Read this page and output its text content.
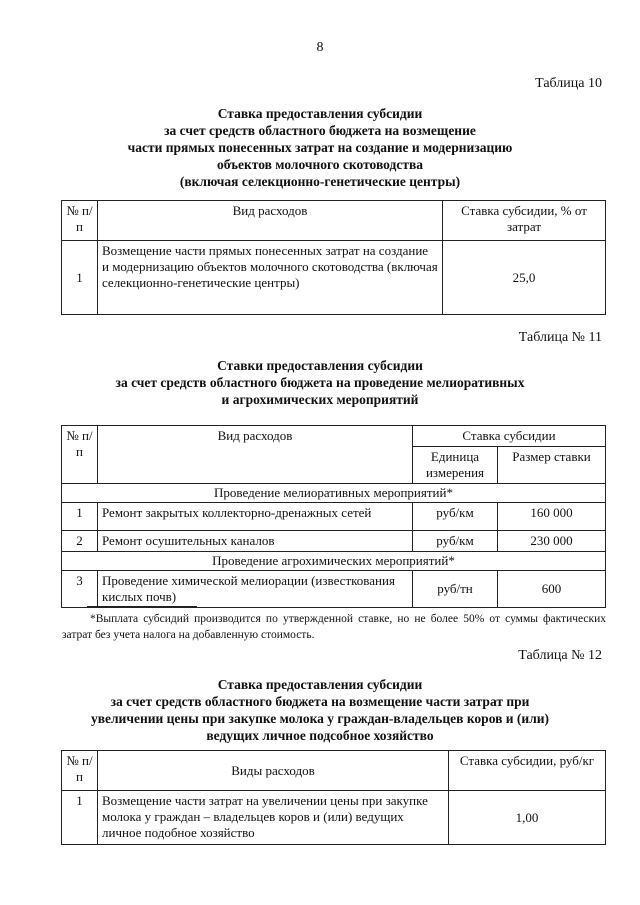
8
Таблица 10
Ставка предоставления субсидии
за счет средств областного бюджета на возмещение
части прямых понесенных затрат на создание и модернизацию
объектов молочного скотоводства
(включая селекционно-генетические центры)
№ п/п	Вид расходов	Ставка субсидии, % от затрат
1	Возмещение части прямых понесенных затрат на создание и модернизацию объектов молочного скотоводства (включая селекционно-генетические центры)	25,0
Таблица № 11
Ставки предоставления субсидии
за счет средств областного бюджета на проведение мелиоративных
и агрохимических мероприятий
№ п/п	Вид расходов	Ставка субсидии	
		Единица измерения	Размер ставки
Проведение мелиоративных мероприятий*			
1	Ремонт закрытых коллекторно-дренажных сетей	руб/км	160 000
2	Ремонт осушительных каналов	руб/км	230 000
Проведение агрохимических мероприятий*			
3	Проведение химической мелиорации (известкования кислых почв)	руб/тн	600
*Выплата субсидий производится по утвержденной ставке, но не более 50% от суммы фактических затрат без учета налога на добавленную стоимость.
Таблица № 12
Ставка предоставления субсидии
за счет средств областного бюджета на возмещение части затрат при
увеличении цены при закупке молока у граждан-владельцев коров и (или)
ведущих личное подсобное хозяйство
№ п/п	Виды расходов	Ставка субсидии, руб/кг
1	Возмещение части затрат на увеличении цены при закупке молока у граждан – владельцев коров и (или) ведущих личное подобное хозяйство	1,00
